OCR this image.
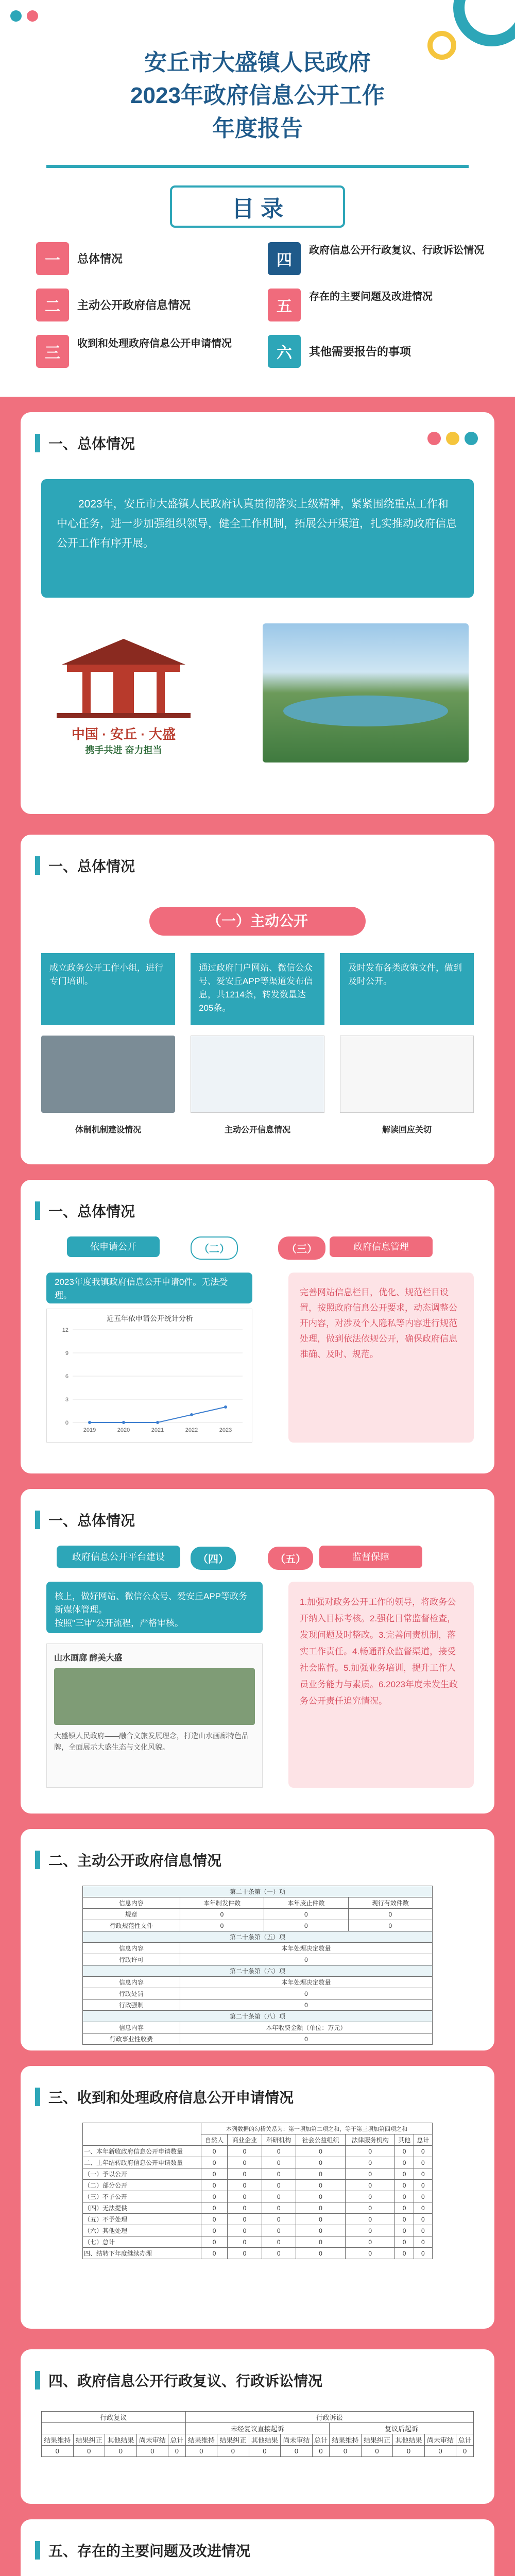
安丘市大盛镇人民政府
2023年政府信息公开工作
年度报告
目 录
一	总体情况
二	主动公开政府信息情况
三
收到和处理政府信息公开申请情况
四
政府信息公开行政复议、行政诉讼情况
五
存在的主要问题及改进情况
六	其他需要报告的事项
一、总体情况
2023年，安丘市大盛镇人民政府认真贯彻落实上级精神，紧紧围绕重点工作和中心任务，进一步加强组织领导，健全工作机制，拓展公开渠道，扎实推动政府信息公开工作有序开展。
中国 · 安丘 · 大盛
携手共进 奋力担当
一、总体情况
（一）主动公开
成立政务公开工作小组，进行专门培训。
通过政府门户网站、微信公众号、爱安丘APP等渠道发布信息，共1214条，转发数量达205条。
及时发布各类政策文件，做到及时公开。
体制机制建设情况	主动公开信息情况	解读回应关切
一、总体情况
依申请公开	（二）	（三）	政府信息管理
2023年度我镇政府信息公开申请0件。无法受理。
近五年依申请公开统计分析
0
3
6
9
12
2019	2020	2021	2022	2023
完善网站信息栏目，优化、规范栏目设置，按照政府信息公开要求，动态调整公开内容，对涉及个人隐私等内容进行规范处理，做到依法依规公开，确保政府信息准确、及时、规范。
一、总体情况
政府信息公开平台建设	（四）	（五）	监督保障
核上，做好网站、微信公众号、爱安丘APP等政务新媒体管理。
按照"三审"公开流程，严格审核。
山水画廊 醉美大盛
大盛镇人民政府——融合文旅发展理念，打造山水画廊特色品牌，全面展示大盛生态与文化风貌。
1.加强对政务公开工作的领导，将政务公开纳入目标考核。2.强化日常监督检查，发现问题及时整改。3.完善问责机制，落实工作责任。4.畅通群众监督渠道，接受社会监督。5.加强业务培训，提升工作人员业务能力与素质。6.2023年度未发生政务公开责任追究情况。
二、主动公开政府信息情况
第二十条第（一）项			
信息内容	本年制发件数	本年废止件数	现行有效件数
规章	0	0	0
行政规范性文件	0	0	0
第二十条第（五）项			
信息内容	本年处理决定数量		
行政许可	0		
第二十条第（六）项			
信息内容	本年处理决定数量		
行政处罚	0		
行政强制	0		
第二十条第（八）项			
信息内容	本年收费金额（单位：万元）		
行政事业性收费	0		
三、收到和处理政府信息公开申请情况
	本列数据的勾稽关系为：第一项加第二项之和，等于第三项加第四项之和						
	自然人	商业企业	科研机构	社会公益组织	法律服务机构	其他	总计
一、本年新收政府信息公开申请数量	0	0	0	0	0	0	0
二、上年结转政府信息公开申请数量	0	0	0	0	0	0	0
（一）予以公开	0	0	0	0	0	0	0
（二）部分公开	0	0	0	0	0	0	0
（三）不予公开	0	0	0	0	0	0	0
（四）无法提供	0	0	0	0	0	0	0
（五）不予处理	0	0	0	0	0	0	0
（六）其他处理	0	0	0	0	0	0	0
（七）总计	0	0	0	0	0	0	0
四、结转下年度继续办理	0	0	0	0	0	0	0
四、政府信息公开行政复议、行政诉讼情况
行政复议					行政诉讼									
					未经复议直接起诉					复议后起诉				
结果维持	结果纠正	其他结果	尚未审结	总计	结果维持	结果纠正	其他结果	尚未审结	总计	结果维持	结果纠正	其他结果	尚未审结	总计
0	0	0	0	0	0	0	0	0	0	0	0	0	0	0
五、存在的主要问题及改进情况
